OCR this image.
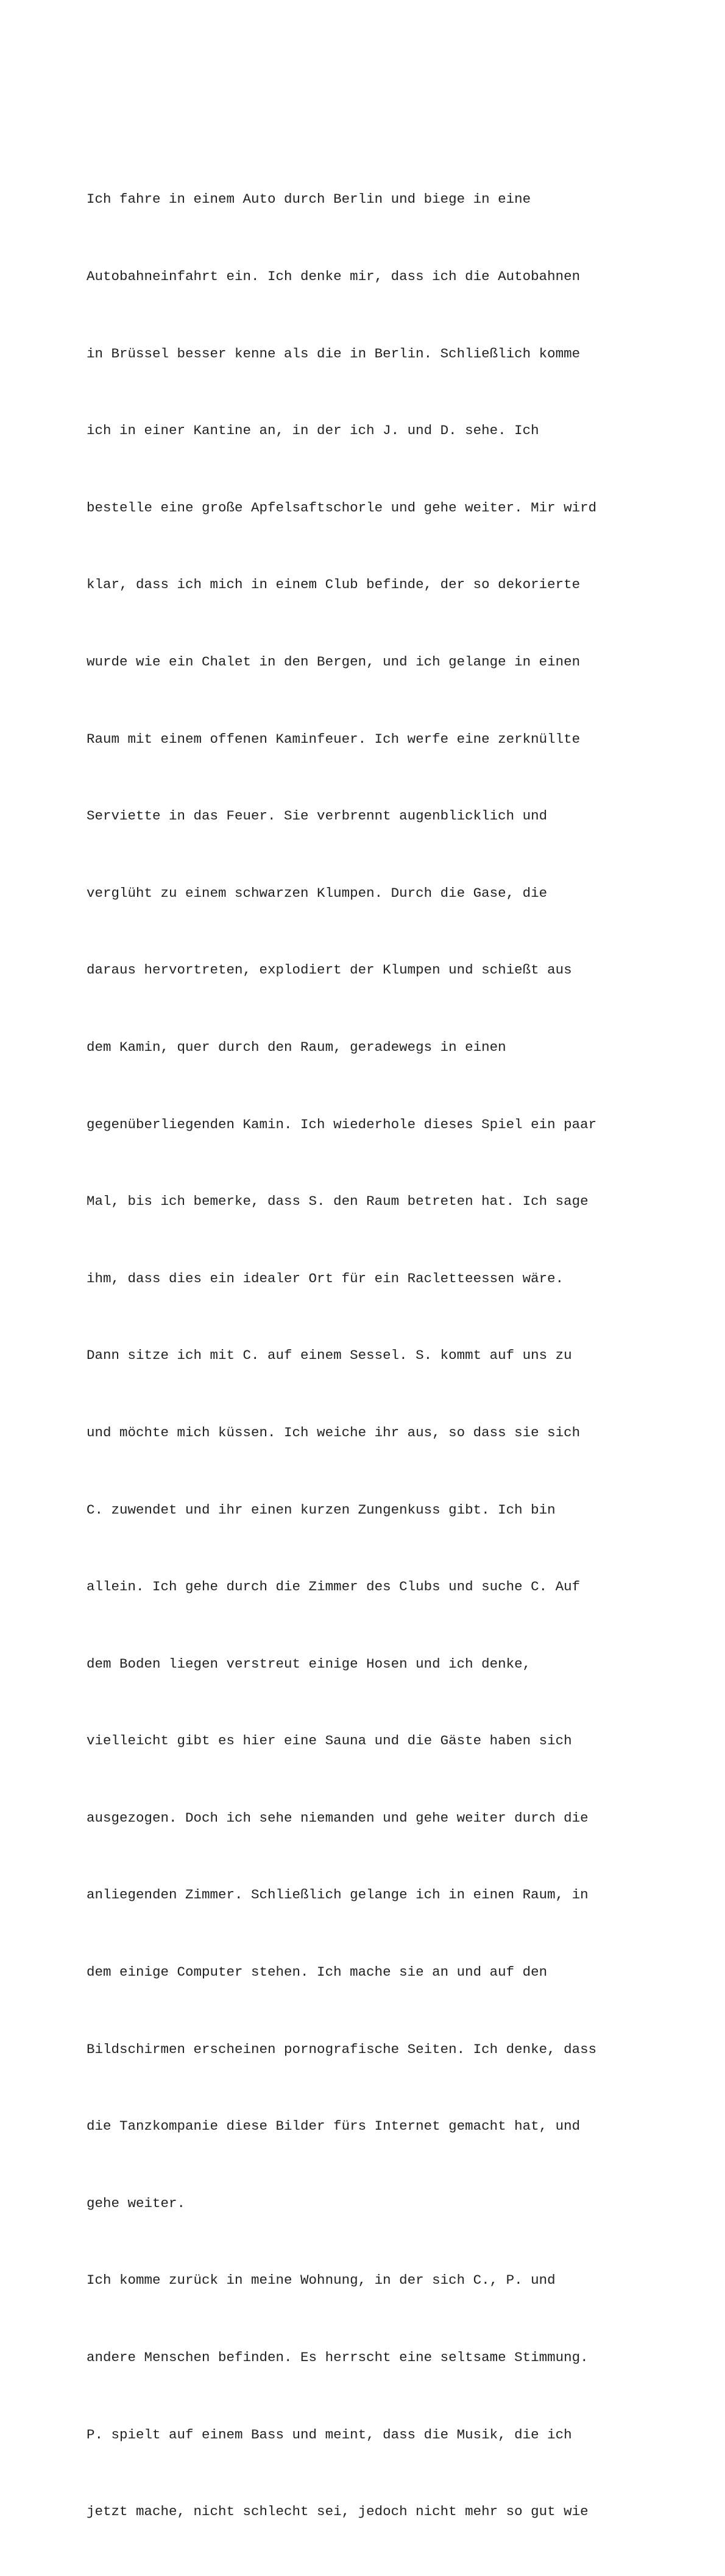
Ich fahre in einem Auto durch Berlin und biege in eine

Autobahneinfahrt ein. Ich denke mir, dass ich die Autobahnen

in Brüssel besser kenne als die in Berlin. Schließlich komme

ich in einer Kantine an, in der ich J. und D. sehe. Ich

bestelle eine große Apfelsaftschorle und gehe weiter. Mir wird

klar, dass ich mich in einem Club befinde, der so dekorierte

wurde wie ein Chalet in den Bergen, und ich gelange in einen

Raum mit einem offenen Kaminfeuer. Ich werfe eine zerknüllte

Serviette in das Feuer. Sie verbrennt augenblicklich und

verglüht zu einem schwarzen Klumpen. Durch die Gase, die

daraus hervortreten, explodiert der Klumpen und schießt aus

dem Kamin, quer durch den Raum, geradewegs in einen

gegenüberliegenden Kamin. Ich wiederhole dieses Spiel ein paar

Mal, bis ich bemerke, dass S. den Raum betreten hat. Ich sage

ihm, dass dies ein idealer Ort für ein Racletteessen wäre.

Dann sitze ich mit C. auf einem Sessel. S. kommt auf uns zu

und möchte mich küssen. Ich weiche ihr aus, so dass sie sich

C. zuwendet und ihr einen kurzen Zungenkuss gibt. Ich bin

allein. Ich gehe durch die Zimmer des Clubs und suche C. Auf

dem Boden liegen verstreut einige Hosen und ich denke,

vielleicht gibt es hier eine Sauna und die Gäste haben sich

ausgezogen. Doch ich sehe niemanden und gehe weiter durch die

anliegenden Zimmer. Schließlich gelange ich in einen Raum, in

dem einige Computer stehen. Ich mache sie an und auf den

Bildschirmen erscheinen pornografische Seiten. Ich denke, dass

die Tanzkompanie diese Bilder fürs Internet gemacht hat, und

gehe weiter.

Ich komme zurück in meine Wohnung, in der sich C., P. und

andere Menschen befinden. Es herrscht eine seltsame Stimmung.

P. spielt auf einem Bass und meint, dass die Musik, die ich

jetzt mache, nicht schlecht sei, jedoch nicht mehr so gut wie
